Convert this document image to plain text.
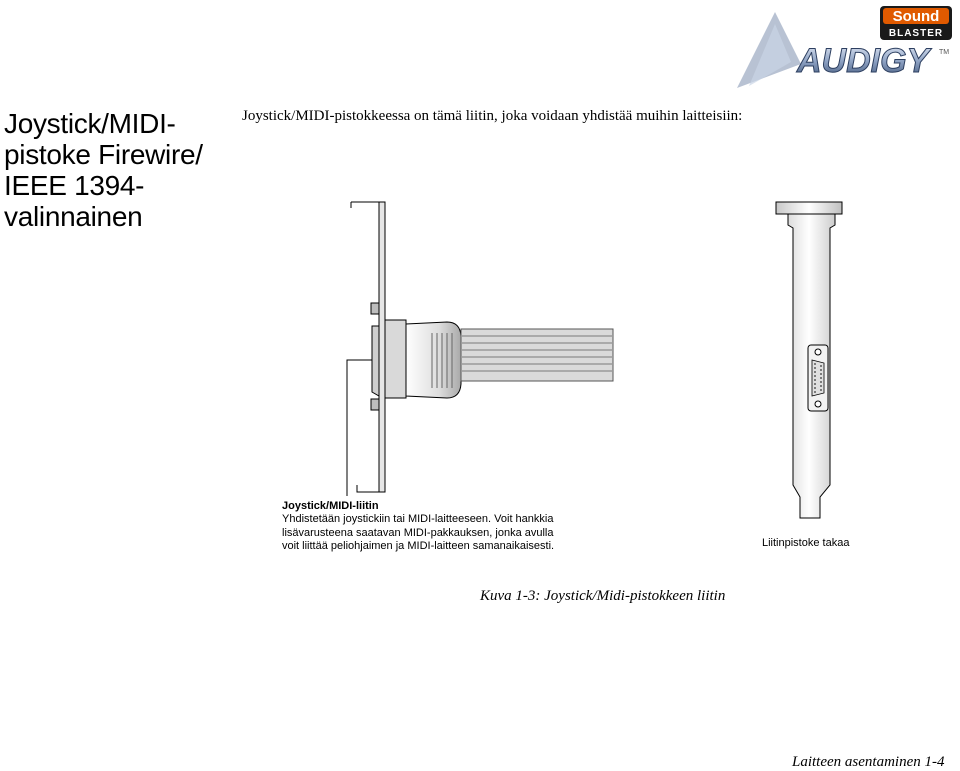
Sound
BLASTER
AUDIGY	TM
Joystick/MIDI-
pistoke Firewire/
IEEE 1394-
valinnainen
Joystick/MIDI-pistokkeessa on tämä liitin, joka voidaan yhdistää muihin laitteisiin:
Joystick/MIDI-liitin
Yhdistetään joystickiin tai MIDI-laitteeseen. Voit hankkia lisävarusteena saatavan MIDI-pakkauksen, jonka avulla voit liittää peliohjaimen ja MIDI-laitteen samanaikaisesti.	Liitinpistoke takaa
Kuva 1-3: Joystick/Midi-pistokkeen liitin
Laitteen asentaminen 1-4
